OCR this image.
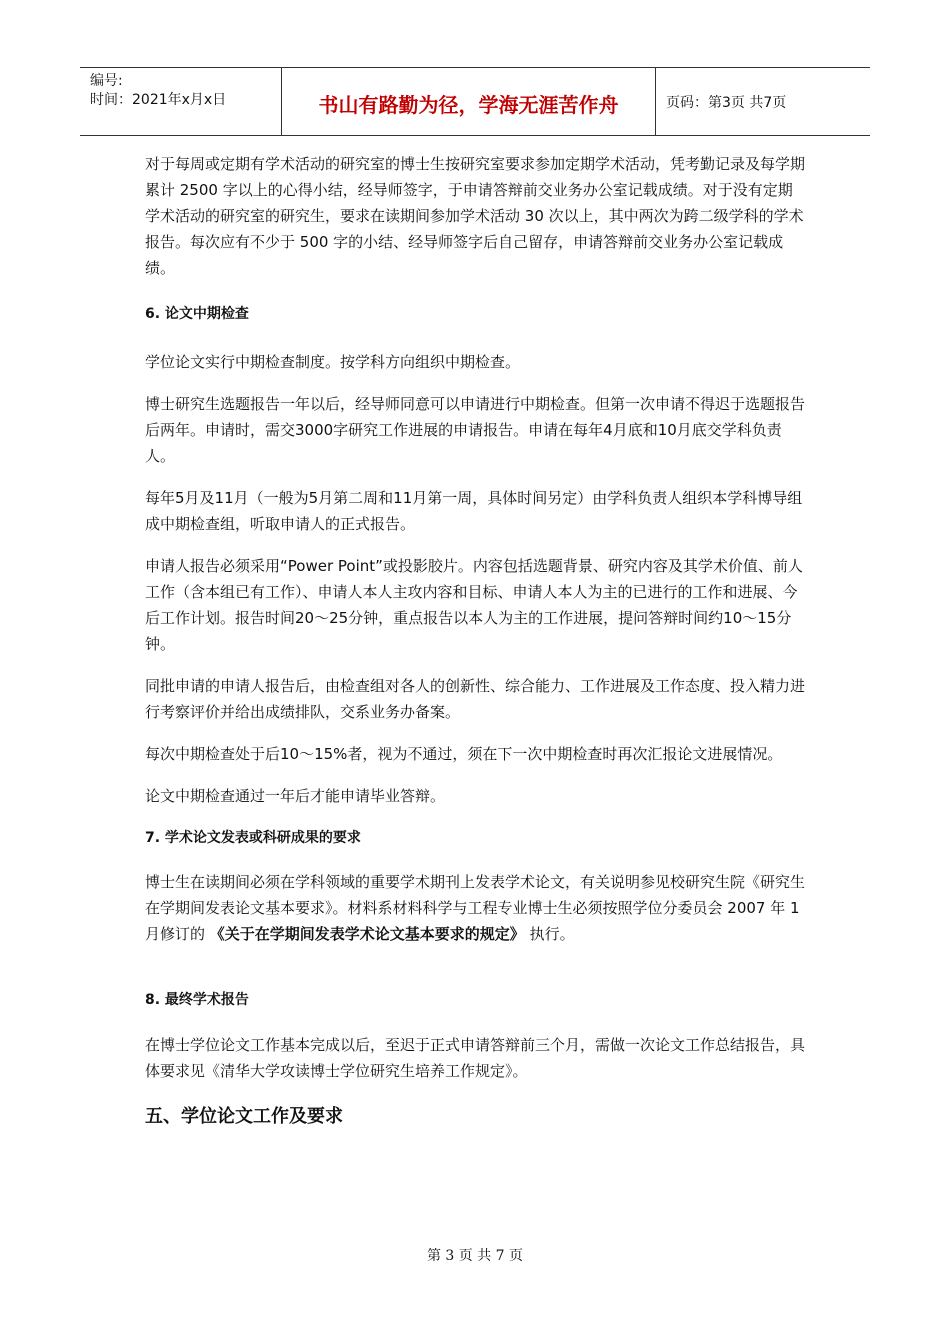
编号:
时间：2021年x月x日	书山有路勤为径，学海无涯苦作舟	页码：第3页 共7页

对于每周或定期有学术活动的研究室的博士生按研究室要求参加定期学术活动，凭考勤记录及每学期累计 2500 字以上的心得小结，经导师签字，于申请答辩前交业务办公室记载成绩。对于没有定期学术活动的研究室的研究生，要求在读期间参加学术活动 30 次以上，其中两次为跨二级学科的学术报告。每次应有不少于 500 字的小结、经导师签字后自己留存，申请答辩前交业务办公室记载成绩。

6. 论文中期检查

学位论文实行中期检查制度。按学科方向组织中期检查。

博士研究生选题报告一年以后，经导师同意可以申请进行中期检查。但第一次申请不得迟于选题报告后两年。申请时，需交3000字研究工作进展的申请报告。申请在每年4月底和10月底交学科负责人。

每年5月及11月（一般为5月第二周和11月第一周，具体时间另定）由学科负责人组织本学科博导组成中期检查组，听取申请人的正式报告。

申请人报告必须采用“Power Point”或投影胶片。内容包括选题背景、研究内容及其学术价值、前人工作（含本组已有工作）、申请人本人主攻内容和目标、申请人本人为主的已进行的工作和进展、今后工作计划。报告时间20～25分钟，重点报告以本人为主的工作进展，提问答辩时间约10～15分钟。

同批申请的申请人报告后，由检查组对各人的创新性、综合能力、工作进展及工作态度、投入精力进行考察评价并给出成绩排队，交系业务办备案。

每次中期检查处于后10～15%者，视为不通过，须在下一次中期检查时再次汇报论文进展情况。

论文中期检查通过一年后才能申请毕业答辩。

7. 学术论文发表或科研成果的要求

博士生在读期间必须在学科领域的重要学术期刊上发表学术论文，有关说明参见校研究生院《研究生在学期间发表论文基本要求》。材料系材料科学与工程专业博士生必须按照学位分委员会 2007 年 1 月修订的 《关于在学期间发表学术论文基本要求的规定》 执行。

8. 最终学术报告

在博士学位论文工作基本完成以后，至迟于正式申请答辩前三个月，需做一次论文工作总结报告，具体要求见《清华大学攻读博士学位研究生培养工作规定》。

五、学位论文工作及要求

第 3 页 共 7 页
